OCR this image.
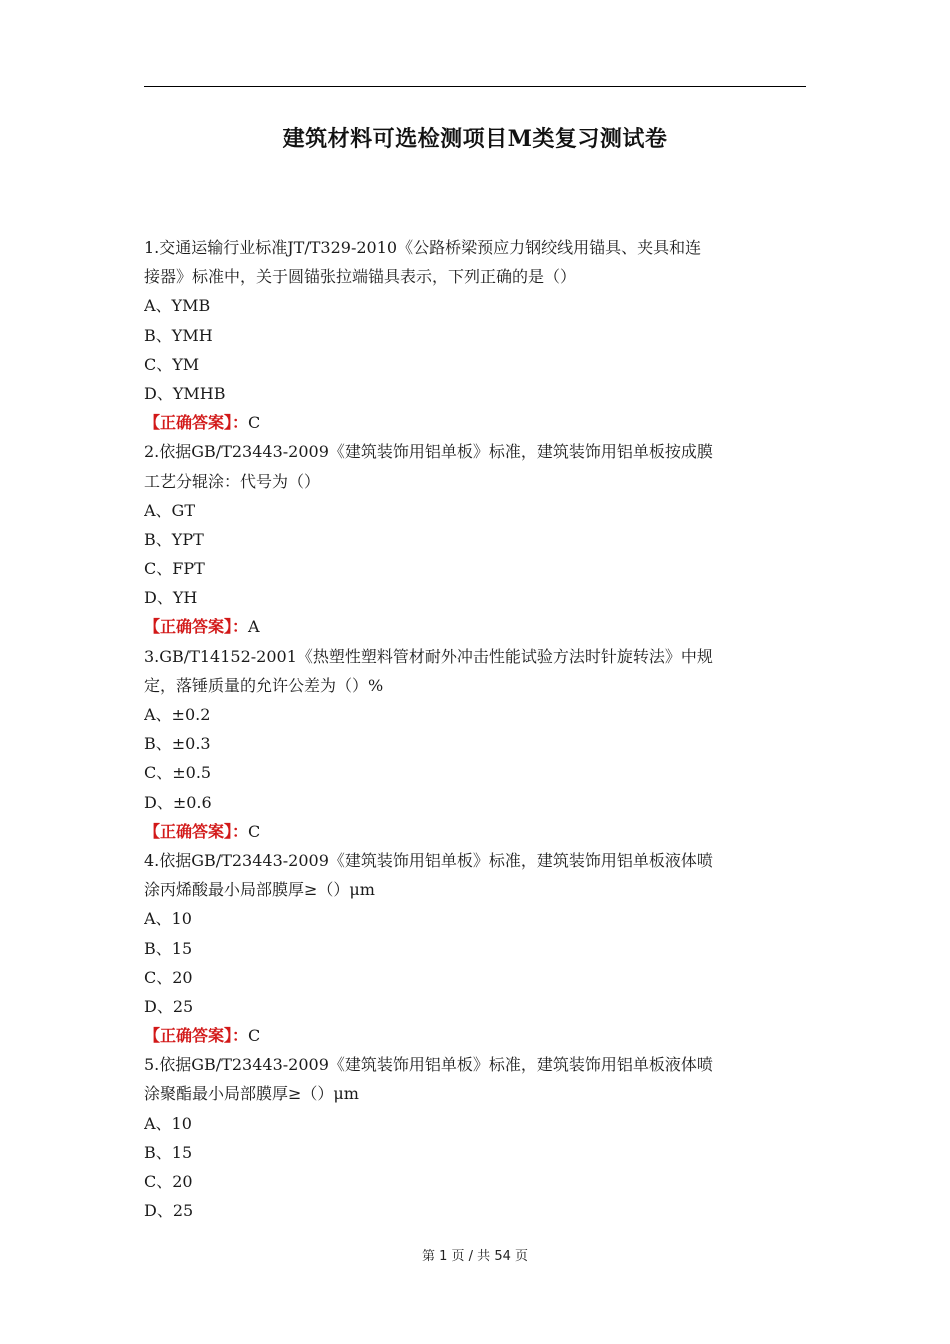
建筑材料可选检测项目M类复习测试卷
1.交通运输行业标准JT/T329-2010《公路桥梁预应力钢绞线用锚具、夹具和连
接器》标准中，关于圆锚张拉端锚具表示，下列正确的是（）
A、YMB
B、YMH
C、YM
D、YMHB
【正确答案】：C
2.依据GB/T23443-2009《建筑装饰用铝单板》标准，建筑装饰用铝单板按成膜
工艺分辊涂：代号为（）
A、GT
B、YPT
C、FPT
D、YH
【正确答案】：A
3.GB/T14152-2001《热塑性塑料管材耐外冲击性能试验方法时针旋转法》中规
定，落锤质量的允许公差为（）%
A、±0.2
B、±0.3
C、±0.5
D、±0.6
【正确答案】：C
4.依据GB/T23443-2009《建筑装饰用铝单板》标准，建筑装饰用铝单板液体喷
涂丙烯酸最小局部膜厚≥（）μm
A、10
B、15
C、20
D、25
【正确答案】：C
5.依据GB/T23443-2009《建筑装饰用铝单板》标准，建筑装饰用铝单板液体喷
涂聚酯最小局部膜厚≥（）μm
A、10
B、15
C、20
D、25
第 1 页 / 共 54 页
